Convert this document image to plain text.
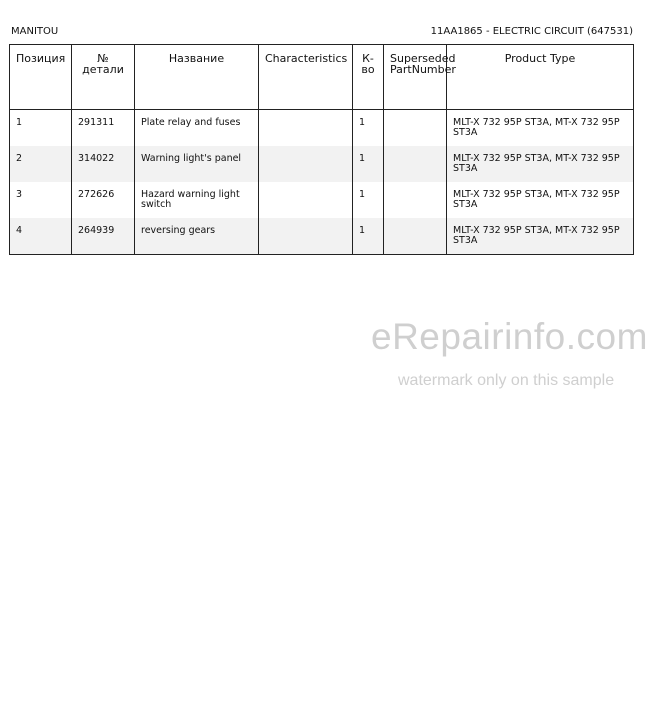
MANITOU	11AA1865 - ELECTRIC CIRCUIT (647531)
Позиция	№ детали	Название	Characteristics	К-во	Superseded PartNumber	Product Type
1	291311	Plate relay and fuses		1		MLT-X 732 95P ST3A, MT-X 732 95P ST3A

2	314022	Warning light's panel		1		MLT-X 732 95P ST3A, MT-X 732 95P ST3A

3	272626	Hazard warning light switch		1		MLT-X 732 95P ST3A, MT-X 732 95P ST3A

4	264939	reversing gears		1		MLT-X 732 95P ST3A, MT-X 732 95P ST3A
eRepairinfo.com
watermark only on this sample
